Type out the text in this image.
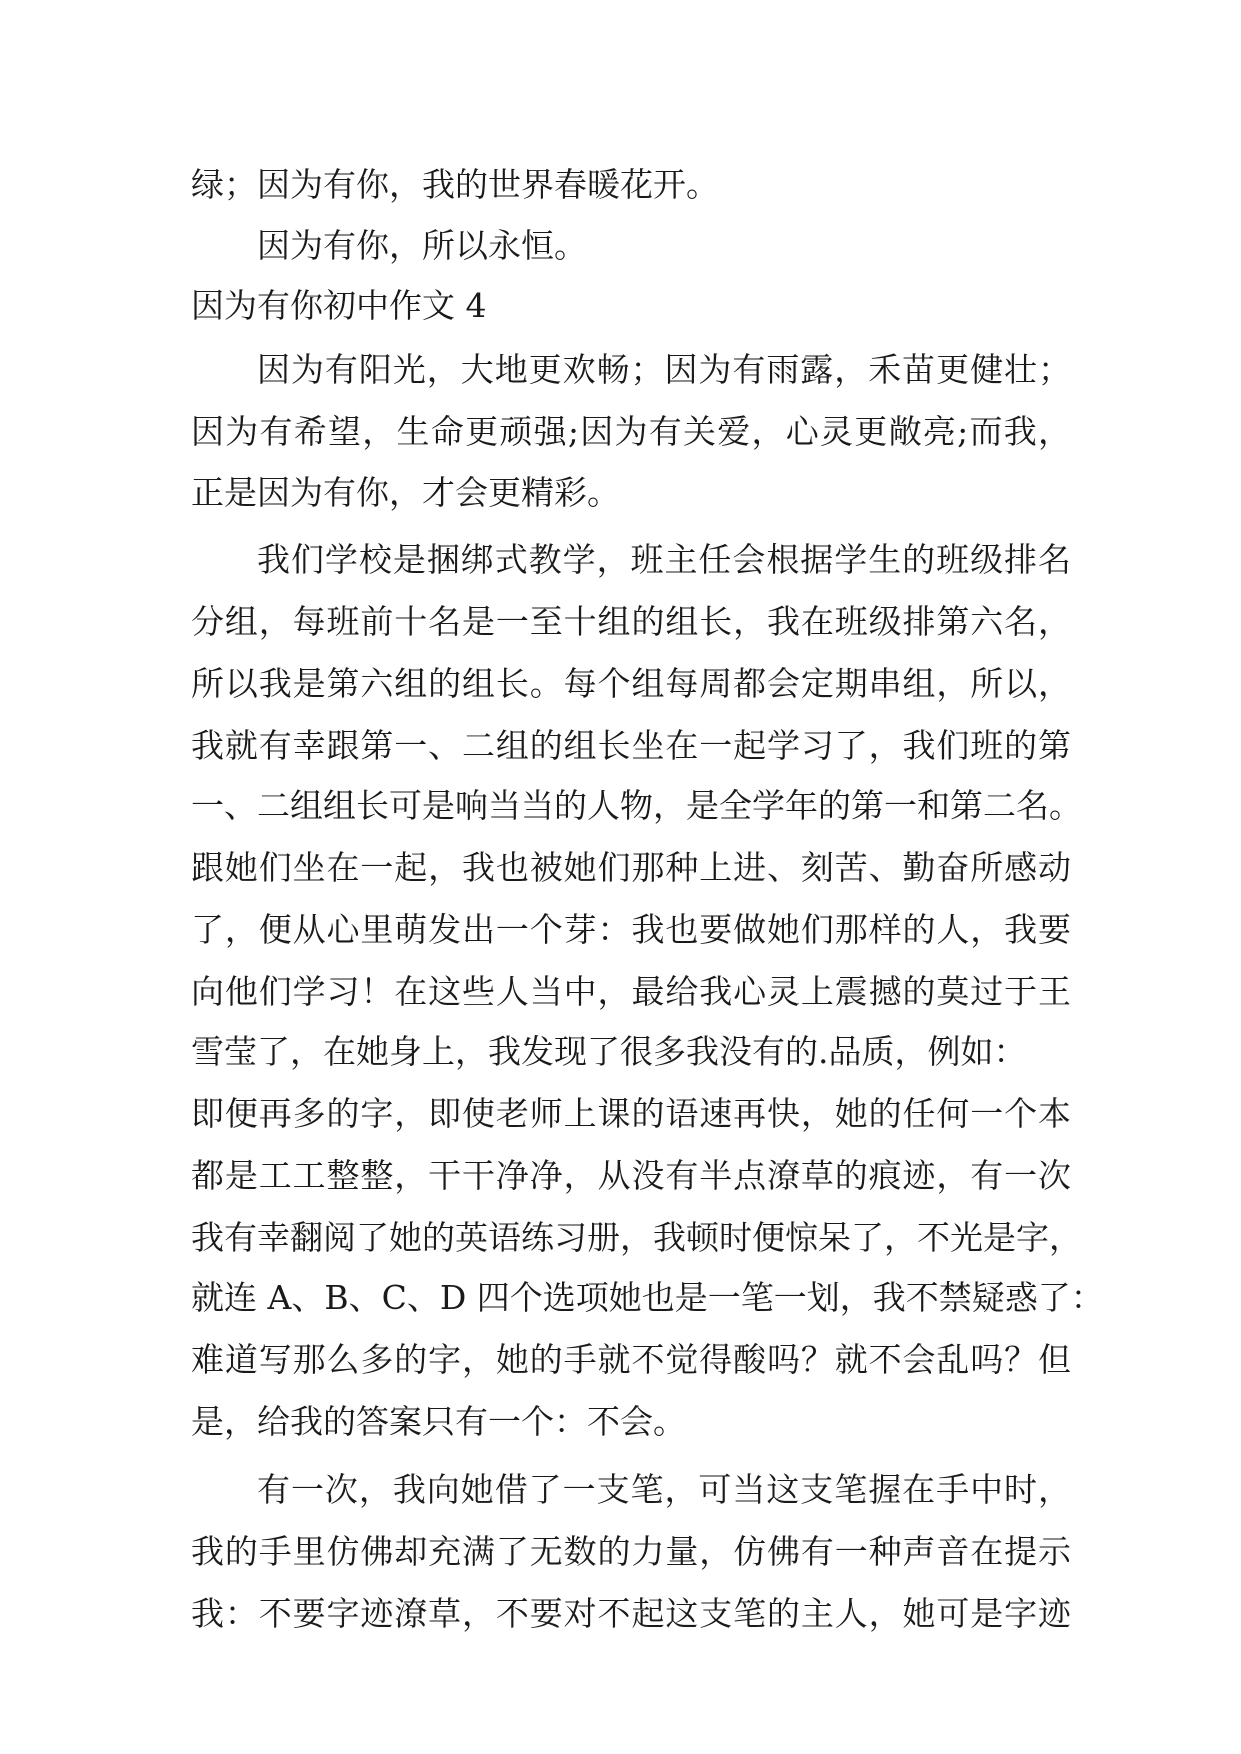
绿；因为有你，我的世界春暖花开。
因为有你，所以永恒。
因为有你初中作文 4
因为有阳光，大地更欢畅；因为有雨露，禾苗更健壮；
因为有希望，生命更顽强;因为有关爱，心灵更敞亮;而我，
正是因为有你，才会更精彩。
我们学校是捆绑式教学，班主任会根据学生的班级排名
分组，每班前十名是一至十组的组长，我在班级排第六名，
所以我是第六组的组长。每个组每周都会定期串组，所以，
我就有幸跟第一、二组的组长坐在一起学习了，我们班的第
一、二组组长可是响当当的人物，是全学年的第一和第二名。
跟她们坐在一起，我也被她们那种上进、刻苦、勤奋所感动
了，便从心里萌发出一个芽：我也要做她们那样的人，我要
向他们学习！在这些人当中，最给我心灵上震撼的莫过于王
雪莹了，在她身上，我发现了很多我没有的.品质，例如：
即便再多的字，即使老师上课的语速再快，她的任何一个本
都是工工整整，干干净净，从没有半点潦草的痕迹，有一次
我有幸翻阅了她的英语练习册，我顿时便惊呆了，不光是字，
就连 A、B、C、D 四个选项她也是一笔一划，我不禁疑惑了：
难道写那么多的字，她的手就不觉得酸吗？就不会乱吗？但
是，给我的答案只有一个：不会。
有一次，我向她借了一支笔，可当这支笔握在手中时，
我的手里仿佛却充满了无数的力量，仿佛有一种声音在提示
我：不要字迹潦草，不要对不起这支笔的主人，她可是字迹
